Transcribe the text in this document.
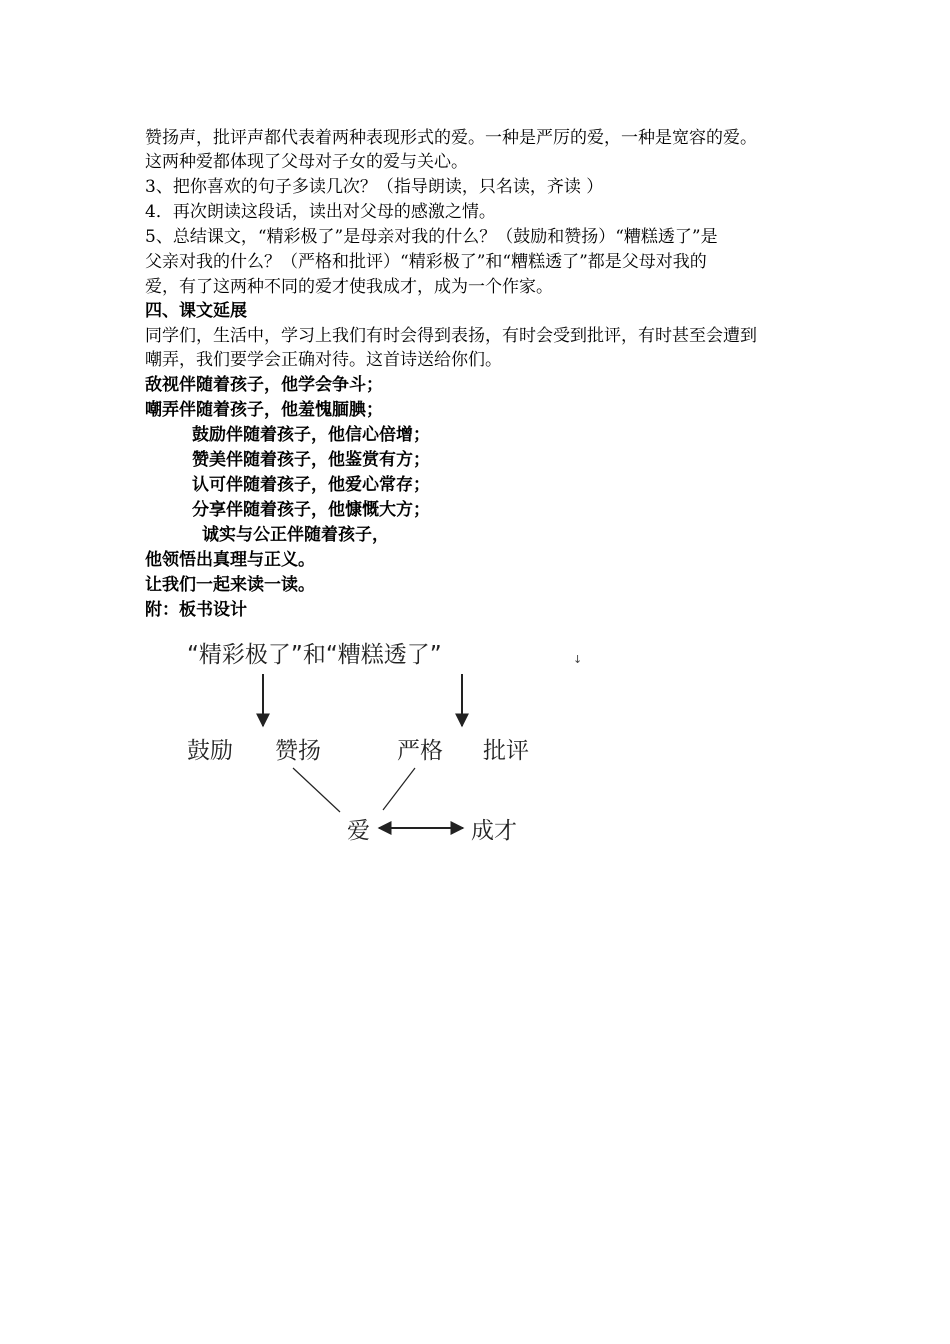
赞扬声，批评声都代表着两种表现形式的爱。一种是严厉的爱，一种是宽容的爱。
这两种爱都体现了父母对子女的爱与关心。
3、把你喜欢的句子多读几次？（指导朗读，只名读，齐读 ）
4．再次朗读这段话，读出对父母的感激之情。
5、总结课文，“精彩极了”是母亲对我的什么？（鼓励和赞扬）“糟糕透了”是
父亲对我的什么？（严格和批评）“精彩极了”和“糟糕透了”都是父母对我的
爱，有了这两种不同的爱才使我成才，成为一个作家。
四、课文延展
同学们，生活中，学习上我们有时会得到表扬，有时会受到批评，有时甚至会遭到
嘲弄，我们要学会正确对待。这首诗送给你们。
敌视伴随着孩子，他学会争斗；
嘲弄伴随着孩子，他羞愧腼腆；
鼓励伴随着孩子，他信心倍增；
赞美伴随着孩子，他鉴赏有方；
认可伴随着孩子，他爱心常存；
分享伴随着孩子，他慷慨大方；
诚实与公正伴随着孩子，
他领悟出真理与正义。
让我们一起来读一读。
附：板书设计
“精彩极了”和“糟糕透了”	↓
鼓励 赞扬	严格 批评
爱	成才
